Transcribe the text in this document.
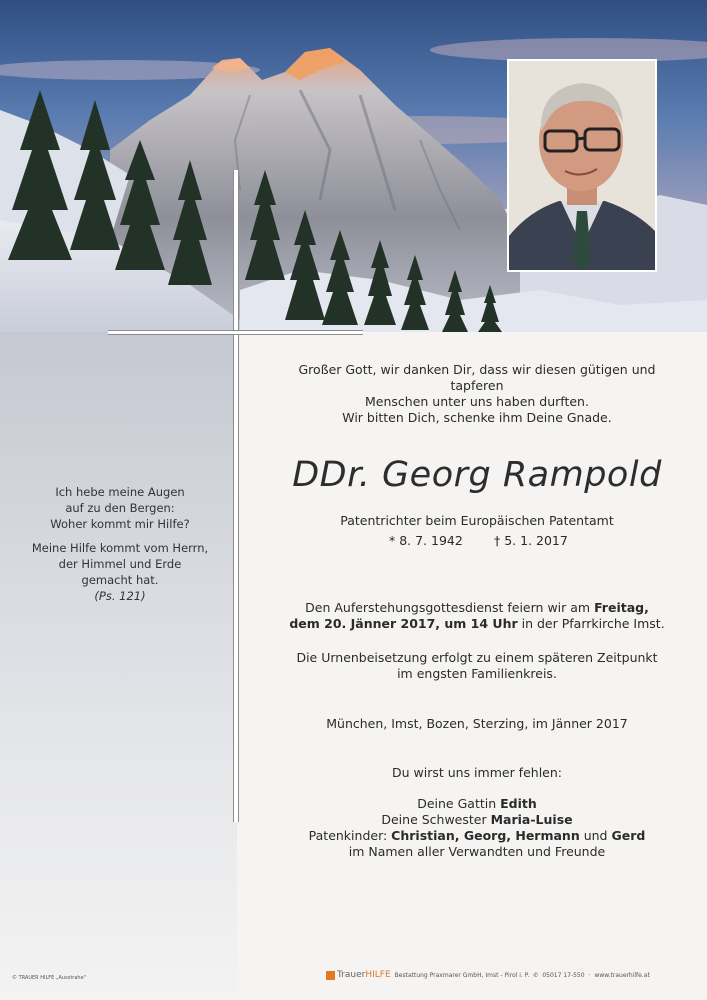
Ich hebe meine Augen

auf zu den Bergen:

Woher kommt mir Hilfe?

Meine Hilfe kommt vom Herrn,

der Himmel und Erde

gemacht hat.

(Ps. 121)

Großer Gott, wir danken Dir, dass wir diesen gütigen und tapferen

Menschen unter uns haben durften.

Wir bitten Dich, schenke ihm Deine Gnade.

DDr. Georg Rampold

Patentrichter beim Europäischen Patentamt

* 8. 7. 1942 † 5. 1. 2017

Den Auferstehungsgottesdienst feiern wir am Freitag,

dem 20. Jänner 2017, um 14 Uhr in der Pfarrkirche Imst.

Die Urnenbeisetzung erfolgt zu einem späteren Zeitpunkt

im engsten Familienkreis.

München, Imst, Bozen, Sterzing, im Jänner 2017

Du wirst uns immer fehlen:

Deine Gattin Edith

Deine Schwester Maria-Luise

Patenkinder: Christian, Georg, Hermann und Gerd

im Namen aller Verwandten und Freunde

© TRAUER HILFE „Ausstrahe"	TrauerHILFE Bestattung Praxmarer GmbH, Imst - Pirol i. P. ✆ 05017 17-550 · www.trauerhilfe.at
